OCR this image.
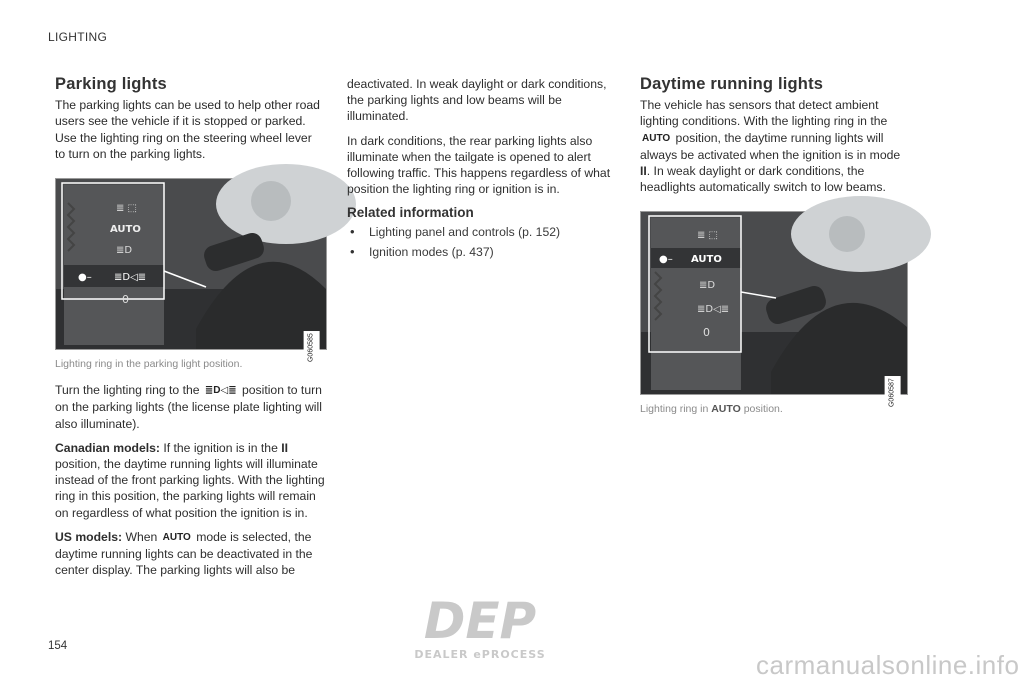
LIGHTING
Parking lights

The parking lights can be used to help other road users see the vehicle if it is stopped or parked. Use the lighting ring on the steering wheel lever to turn on the parking lights.

≣ ⬚
AUTO
≣D
●– ≣D◁≣
0
G060585
Lighting ring in the parking light position.

Turn the lighting ring to the ≣D◁≣ position to turn on the parking lights (the license plate lighting will also illuminate).

Canadian models: If the ignition is in the II position, the daytime running lights will illuminate instead of the front parking lights. With the lighting ring in this position, the parking lights will remain on regardless of what position the ignition is in.

US models: When AUTO mode is selected, the daytime running lights can be deactivated in the center display. The parking lights will also be

deactivated. In weak daylight or dark conditions, the parking lights and low beams will be illuminated.

In dark conditions, the rear parking lights also illuminate when the tailgate is opened to alert following traffic. This happens regardless of what position the lighting ring or ignition is in.

Related information
• Lighting panel and controls (p. 152)
• Ignition modes (p. 437)
Daytime running lights

The vehicle has sensors that detect ambient lighting conditions. With the lighting ring in the AUTO position, the daytime running lights will always be activated when the ignition is in mode II. In weak daylight or dark conditions, the headlights automatically switch to low beams.

≣ ⬚
●– AUTO
≣D
≣D◁≣
0
G060587
Lighting ring in AUTO position.
154	DEP
DEALER ePROCESS	carmanualsonline.info
